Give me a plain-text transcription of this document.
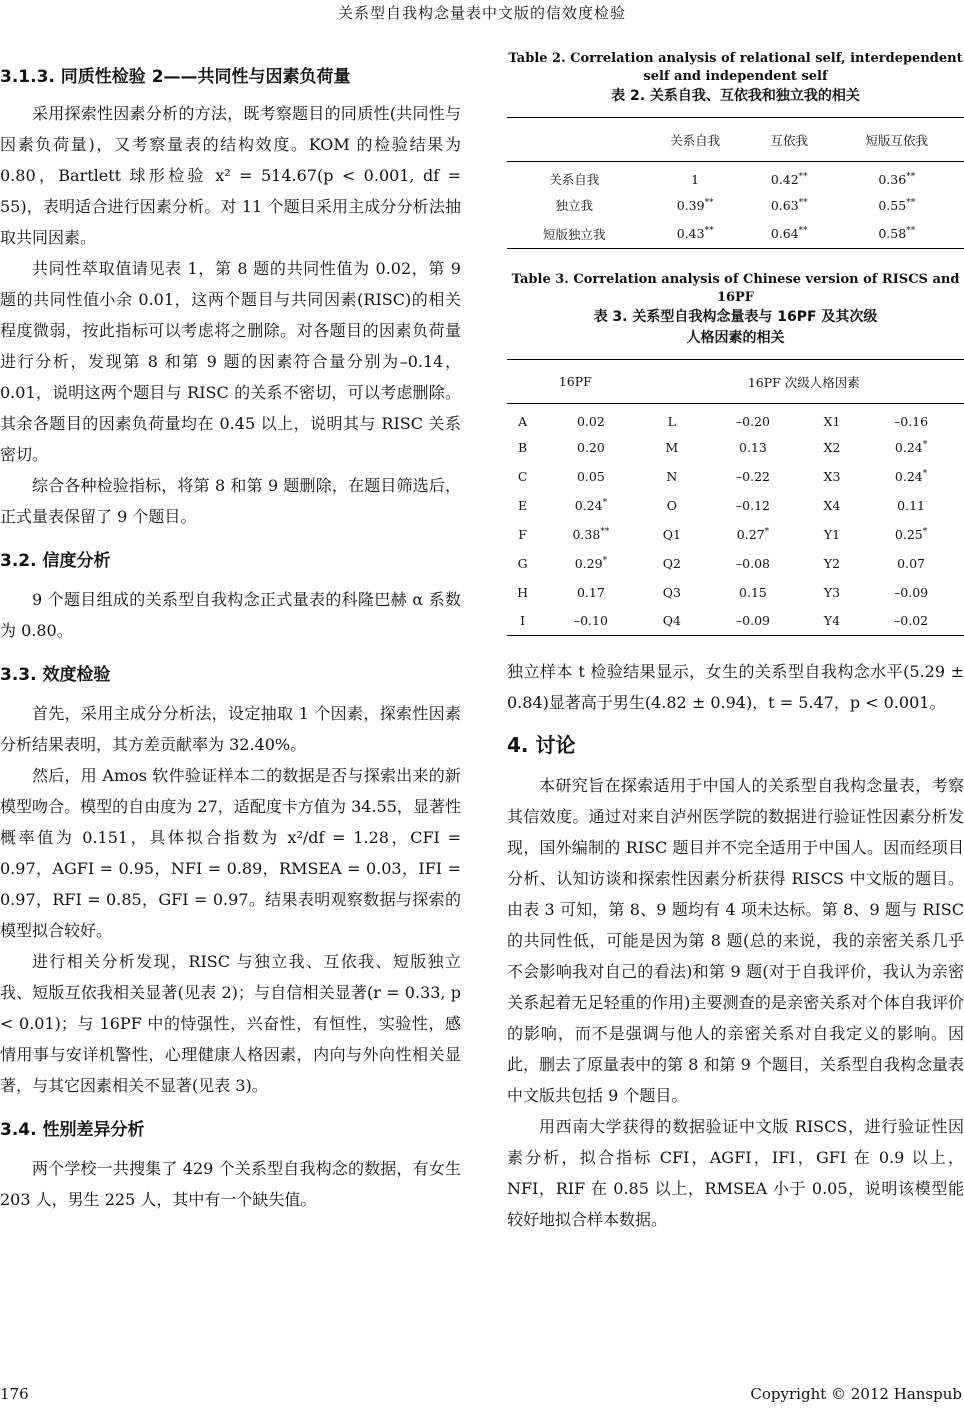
关系型自我构念量表中文版的信效度检验
3.1.3. 同质性检验 2——共同性与因素负荷量

采用探索性因素分析的方法，既考察题目的同质性(共同性与因素负荷量)，又考察量表的结构效度。KOM 的检验结果为 0.80，Bartlett 球形检验 x² = 514.67(p < 0.001, df = 55)，表明适合进行因素分析。对 11 个题目采用主成分分析法抽取共同因素。

共同性萃取值请见表 1，第 8 题的共同性值为 0.02，第 9 题的共同性值小余 0.01，这两个题目与共同因素(RISC)的相关程度微弱，按此指标可以考虑将之删除。对各题目的因素负荷量进行分析，发现第 8 和第 9 题的因素符合量分别为–0.14，0.01，说明这两个题目与 RISC 的关系不密切，可以考虑删除。其余各题目的因素负荷量均在 0.45 以上，说明其与 RISC 关系密切。

综合各种检验指标，将第 8 和第 9 题删除，在题目筛选后，正式量表保留了 9 个题目。

3.2. 信度分析

9 个题目组成的关系型自我构念正式量表的科隆巴赫 α 系数为 0.80。

3.3. 效度检验

首先，采用主成分分析法，设定抽取 1 个因素，探索性因素分析结果表明，其方差贡献率为 32.40%。

然后，用 Amos 软件验证样本二的数据是否与探索出来的新模型吻合。模型的自由度为 27，适配度卡方值为 34.55，显著性概率值为 0.151，具体拟合指数为 x²/df = 1.28，CFI = 0.97，AGFI = 0.95，NFI = 0.89，RMSEA = 0.03，IFI = 0.97，RFI = 0.85，GFI = 0.97。结果表明观察数据与探索的模型拟合较好。

进行相关分析发现，RISC 与独立我、互依我、短版独立我、短版互依我相关显著(见表 2)；与自信相关显著(r = 0.33, p < 0.01)；与 16PF 中的恃强性，兴奋性，有恒性，实验性，感情用事与安详机警性，心理健康人格因素，内向与外向性相关显著，与其它因素相关不显著(见表 3)。

3.4. 性别差异分析

两个学校一共搜集了 429 个关系型自我构念的数据，有女生 203 人，男生 225 人，其中有一个缺失值。

Table 2. Correlation analysis of relational self, interdependent self and independent self
表 2. 关系自我、互依我和独立我的相关
	关系自我	互依我	短版互依我
关系自我	1	0.42**	0.36**
独立我	0.39**	0.63**	0.55**
短版独立我	0.43**	0.64**	0.58**
Table 3. Correlation analysis of Chinese version of RISCS and 16PF
表 3. 关系型自我构念量表与 16PF 及其次级
人格因素的相关
16PF		16PF 次级人格因素			
A	0.02	L	–0.20	X1	–0.16
B	0.20	M	0.13	X2	0.24*
C	0.05	N	–0.22	X3	0.24*
E	0.24*	O	–0.12	X4	0.11
F	0.38**	Q1	0.27*	Y1	0.25*
G	0.29*	Q2	–0.08	Y2	0.07
H	0.17	Q3	0.15	Y3	–0.09
I	–0.10	Q4	–0.09	Y4	–0.02

独立样本 t 检验结果显示，女生的关系型自我构念水平(5.29 ± 0.84)显著高于男生(4.82 ± 0.94)，t = 5.47，p < 0.001。

4. 讨论

本研究旨在探索适用于中国人的关系型自我构念量表，考察其信效度。通过对来自泸州医学院的数据进行验证性因素分析发现，国外编制的 RISC 题目并不完全适用于中国人。因而经项目分析、认知访谈和探索性因素分析获得 RISCS 中文版的题目。由表 3 可知，第 8、9 题均有 4 项未达标。第 8、9 题与 RISC 的共同性低，可能是因为第 8 题(总的来说，我的亲密关系几乎不会影响我对自己的看法)和第 9 题(对于自我评价，我认为亲密关系起着无足轻重的作用)主要测查的是亲密关系对个体自我评价的影响，而不是强调与他人的亲密关系对自我定义的影响。因此，删去了原量表中的第 8 和第 9 个题目，关系型自我构念量表中文版共包括 9 个题目。

用西南大学获得的数据验证中文版 RISCS，进行验证性因素分析，拟合指标 CFI，AGFI，IFI，GFI 在 0.9 以上，NFI，RIF 在 0.85 以上，RMSEA 小于 0.05，说明该模型能较好地拟合样本数据。

176	Copyright © 2012 Hanspub
